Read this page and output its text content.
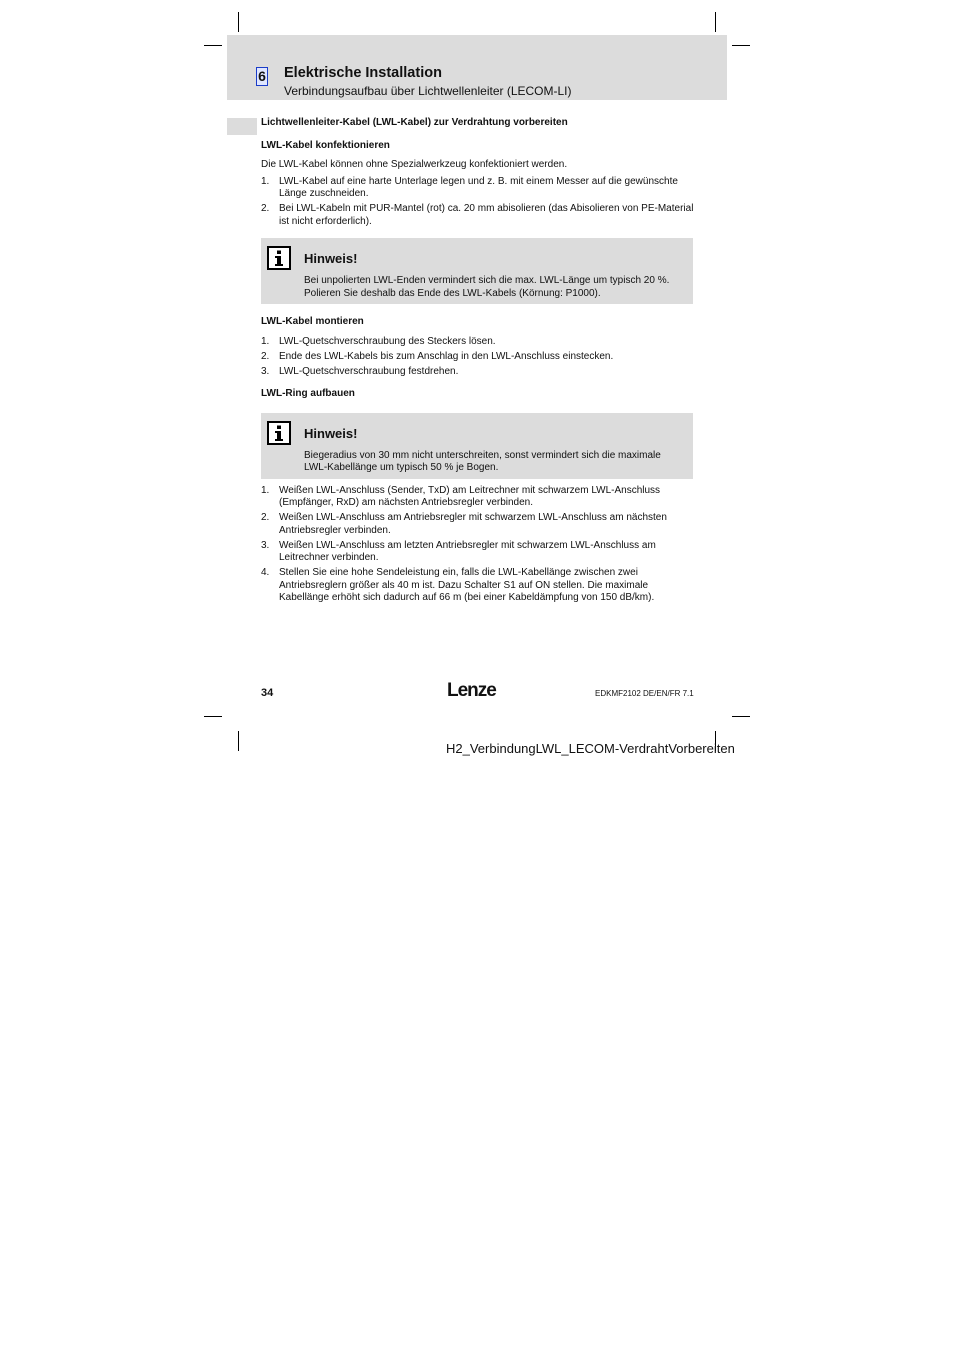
6 Elektrische Installation
Verbindungsaufbau über Lichtwellenleiter (LECOM-LI)
Lichtwellenleiter-Kabel (LWL-Kabel) zur Verdrahtung vorbereiten
LWL-Kabel konfektionieren
Die LWL-Kabel können ohne Spezialwerkzeug konfektioniert werden.
1. LWL-Kabel auf eine harte Unterlage legen und z. B. mit einem Messer auf die gewünschte Länge zuschneiden.
2. Bei LWL-Kabeln mit PUR-Mantel (rot) ca. 20 mm abisolieren (das Abisolieren von PE-Material ist nicht erforderlich).
Hinweis!
Bei unpolierten LWL-Enden vermindert sich die max. LWL-Länge um typisch 20 %. Polieren Sie deshalb das Ende des LWL-Kabels (Körnung: P1000).
LWL-Kabel montieren
1. LWL-Quetschverschraubung des Steckers lösen.
2. Ende des LWL-Kabels bis zum Anschlag in den LWL-Anschluss einstecken.
3. LWL-Quetschverschraubung festdrehen.
LWL-Ring aufbauen
Hinweis!
Biegeradius von 30 mm nicht unterschreiten, sonst vermindert sich die maximale LWL-Kabellänge um typisch 50 % je Bogen.
1. Weißen LWL-Anschluss (Sender, TxD) am Leitrechner mit schwarzem LWL-Anschluss (Empfänger, RxD) am nächsten Antriebsregler verbinden.
2. Weißen LWL-Anschluss am Antriebsregler mit schwarzem LWL-Anschluss am nächsten Antriebsregler verbinden.
3. Weißen LWL-Anschluss am letzten Antriebsregler mit schwarzem LWL-Anschluss am Leitrechner verbinden.
4. Stellen Sie eine hohe Sendeleistung ein, falls die LWL-Kabellänge zwischen zwei Antriebsreglern größer als 40 m ist. Dazu Schalter S1 auf ON stellen. Die maximale Kabellänge erhöht sich dadurch auf 66 m (bei einer Kabeldämpfung von 150 dB/km).
34	Lenze	EDKMF2102 DE/EN/FR 7.1
H2_VerbindungLWL_LECOM-VerdrahtVorbereiten
